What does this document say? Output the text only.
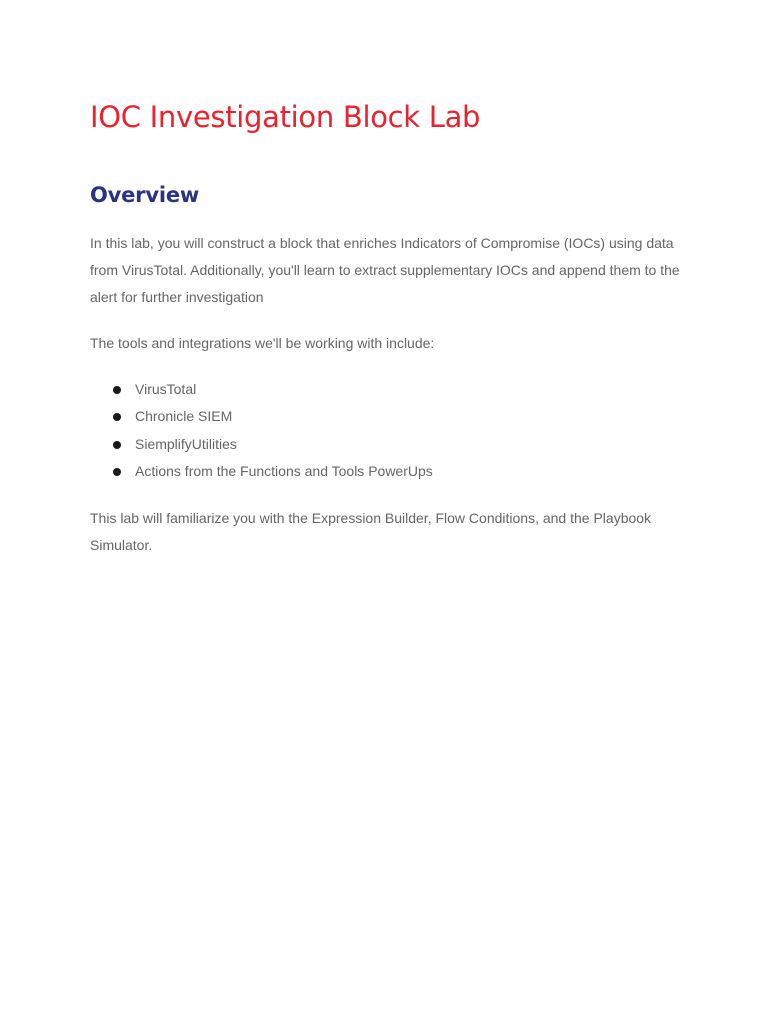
IOC Investigation Block Lab
Overview

In this lab, you will construct a block that enriches Indicators of Compromise (IOCs) using data from VirusTotal. Additionally, you'll learn to extract supplementary IOCs and append them to the alert for further investigation

The tools and integrations we'll be working with include:

VirusTotal
Chronicle SIEM
SiemplifyUtilities
Actions from the Functions and Tools PowerUps

This lab will familiarize you with the Expression Builder, Flow Conditions, and the Playbook Simulator.
